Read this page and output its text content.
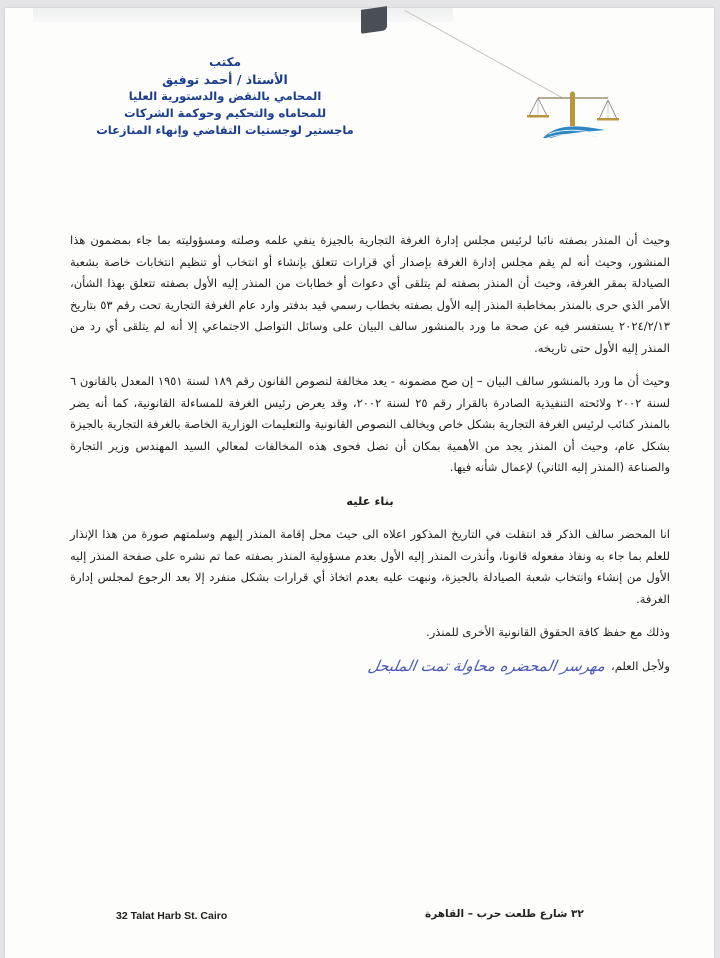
مكتب
الأستاذ / أحمد توفيق
المحامي بالنقض والدستورية العليا
للمحاماه والتحكيم وحوكمة الشركات
ماجستير لوجستيات التقاضي وإنهاء المنازعات

وحيث أن المنذر بصفته نائبا لرئيس مجلس إدارة الغرفة التجارية بالجيزة ينفي علمه وصلته ومسؤوليته بما جاء بمضمون هذا المنشور، وحيث أنه لم يقم مجلس إدارة الغرفة بإصدار أي قرارات تتعلق بإنشاء أو انتخاب أو تنظيم انتخابات خاصة بشعبة الصيادلة بمقر الغرفة، وحيث أن المنذر بصفته لم يتلقى أي دعوات أو خطابات من المنذر إليه الأول بصفته تتعلق بهذا الشأن، الأمر الذي حرى بالمنذر بمخاطبة المنذر إليه الأول بصفته بخطاب رسمي قيد بدفتر وارد عام الغرفة التجارية تحت رقم ٥٣ بتاريخ ٢٠٢٤/٢/١٣ يستفسر فيه عن صحة ما ورد بالمنشور سالف البيان على وسائل التواصل الاجتماعي إلا أنه لم يتلقى أي رد من المنذر إليه الأول حتى تاريخه.

وحيث أن ما ورد بالمنشور سالف البيان – إن صح مضمونه - يعد مخالفة لنصوص القانون رقم ١٨٩ لسنة ١٩٥١ المعدل بالقانون ٦ لسنة ٢٠٠٢ ولائحته التنفيذية الصادرة بالقرار رقم ٢٥ لسنة ٢٠٠٢، وقد يعرض رئيس الغرفة للمساءلة القانونية، كما أنه يضر بالمنذر كنائب لرئيس الغرفة التجارية بشكل خاص ويخالف النصوص القانونية والتعليمات الوزارية الخاصة بالغرفة التجارية بالجيزة بشكل عام، وحيث أن المنذر يجد من الأهمية بمكان أن تصل فحوى هذه المخالفات لمعالي السيد المهندس وزير التجارة والصناعة (المنذر إليه الثاني) لإعمال شأنه فيها.

بناء عليه

انا المحضر سالف الذكر قد انتقلت في التاريخ المذكور اعلاه الى حيث محل إقامة المنذر إليهم وسلمتهم صورة من هذا الإنذار للعلم بما جاء به ونفاذ مفعوله قانونا، وأنذرت المنذر إليه الأول بعدم مسؤولية المنذر بصفته عما تم نشره على صفحة المنذر إليه الأول من إنشاء وانتخاب شعبة الصيادلة بالجيزة، ونبهت عليه بعدم اتخاذ أي قرارات بشكل منفرد إلا بعد الرجوع لمجلس إدارة الغرفة.

وذلك مع حفظ كافة الحقوق القانونية الأخرى للمنذر.

ولأجل العلم،
مهرسر المحضره محاولة تمت الملبحل
32 Talat Harb St. Cairo	٣٢ شارع طلعت حرب – القاهرة
